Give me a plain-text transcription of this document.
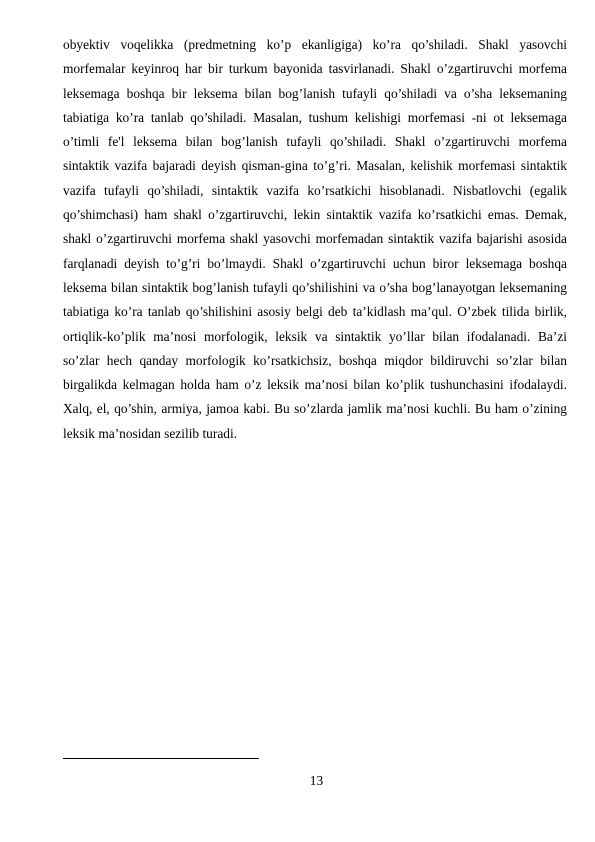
obyektiv voqelikka (predmetning ko’p ekanligiga) ko’ra qo’shiladi. Shakl yasovchi morfemalar keyinroq har bir turkum bayonida tasvirlanadi. Shakl o’zgartiruvchi morfema leksemaga boshqa bir leksema bilan bog’lanish tufayli qo’shiladi va o’sha leksemaning tabiatiga ko’ra tanlab qo’shiladi. Masalan, tushum kelishigi morfemasi -ni ot leksemaga o’timli fe'l leksema bilan bog’lanish tufayli qo’shiladi. Shakl o’zgartiruvchi morfema sintaktik vazifa bajaradi deyish qisman-gina to’g’ri. Masalan, kelishik morfemasi sintaktik vazifa tufayli qo’shiladi, sintaktik vazifa ko’rsatkichi hisoblanadi. Nisbatlovchi (egalik qo’shimchasi) ham shakl o’zgartiruvchi, lekin sintaktik vazifa ko’rsatkichi emas. Demak, shakl o’zgartiruvchi morfema shakl yasovchi morfemadan sintaktik vazifa bajarishi asosida farqlanadi deyish to’g’ri bo’lmaydi. Shakl o’zgartiruvchi uchun biror leksemaga boshqa leksema bilan sintaktik bog’lanish tufayli qo’shilishini va o’sha bog’lanayotgan leksemaning tabiatiga ko’ra tanlab qo’shilishini asosiy belgi deb ta’kidlash ma’qul. O’zbek tilida birlik, ortiqlik-ko’plik ma’nosi morfologik, leksik va sintaktik yo’llar bilan ifodalanadi. Ba’zi so’zlar hech qanday morfologik ko’rsatkichsiz, boshqa miqdor bildiruvchi so’zlar bilan birgalikda kelmagan holda ham o’z leksik ma’nosi bilan ko’plik tushunchasini ifodalaydi. Xalq, el, qo’shin, armiya, jamoa kabi. Bu so’zlarda jamlik ma’nosi kuchli. Bu ham o’zining leksik ma’nosidan sezilib turadi.

13
